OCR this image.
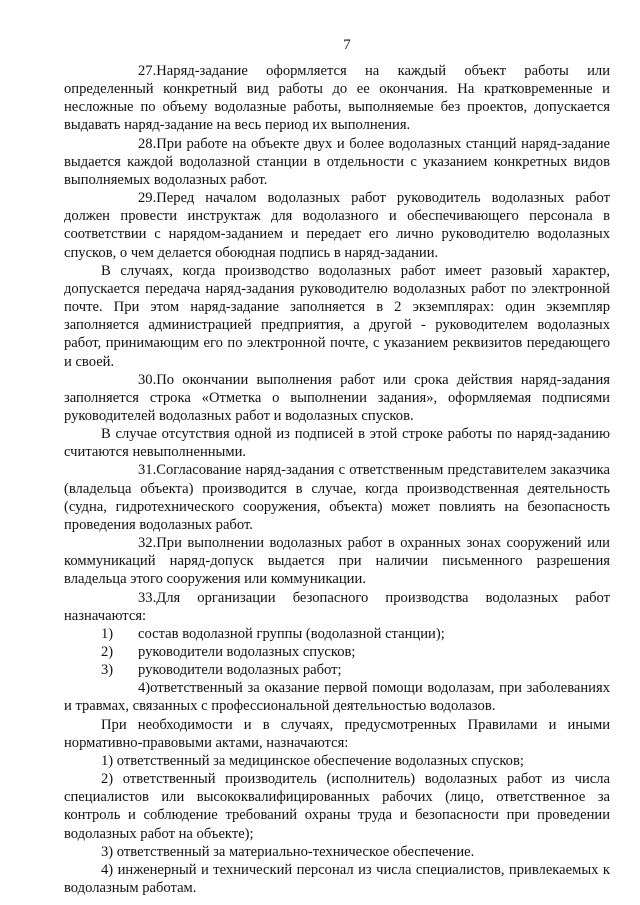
7

27.Наряд-задание оформляется на каждый объект работы или определенный конкретный вид работы до ее окончания. На кратковременные и несложные по объему водолазные работы, выполняемые без проектов, допускается выдавать наряд-задание на весь период их выполнения.

28.При работе на объекте двух и более водолазных станций наряд-задание выдается каждой водолазной станции в отдельности с указанием конкретных видов выполняемых водолазных работ.

29.Перед началом водолазных работ руководитель водолазных работ должен провести инструктаж для водолазного и обеспечивающего персонала в соответствии с нарядом-заданием и передает его лично руководителю водолазных спусков, о чем делается обоюдная подпись в наряд-задании.

В случаях, когда производство водолазных работ имеет разовый характер, допускается передача наряд-задания руководителю водолазных работ по электронной почте. При этом наряд-задание заполняется в 2 экземплярах: один экземпляр заполняется администрацией предприятия, а другой - руководителем водолазных работ, принимающим его по электронной почте, с указанием реквизитов передающего и своей.

30.По окончании выполнения работ или срока действия наряд-задания заполняется строка «Отметка о выполнении задания», оформляемая подписями руководителей водолазных работ и водолазных спусков.

В случае отсутствия одной из подписей в этой строке работы по наряд-заданию считаются невыполненными.

31.Согласование наряд-задания с ответственным представителем заказчика (владельца объекта) производится в случае, когда производственная деятельность (судна, гидротехнического сооружения, объекта) может повлиять на безопасность проведения водолазных работ.

32.При выполнении водолазных работ в охранных зонах сооружений или коммуникаций наряд-допуск выдается при наличии письменного разрешения владельца этого сооружения или коммуникации.

33.Для организации безопасного производства водолазных работ назначаются:

1) состав водолазной группы (водолазной станции);

2) руководители водолазных спусков;

3) руководители водолазных работ;

4)ответственный за оказание первой помощи водолазам, при заболеваниях и травмах, связанных с профессиональной деятельностью водолазов.

При необходимости и в случаях, предусмотренных Правилами и иными нормативно-правовыми актами, назначаются:

1) ответственный за медицинское обеспечение водолазных спусков;

2) ответственный производитель (исполнитель) водолазных работ из числа специалистов или высококвалифицированных рабочих (лицо, ответственное за контроль и соблюдение требований охраны труда и безопасности при проведении водолазных работ на объекте);

3) ответственный за материально-техническое обеспечение.

4) инженерный и технический персонал из числа специалистов, привлекаемых к водолазным работам.
